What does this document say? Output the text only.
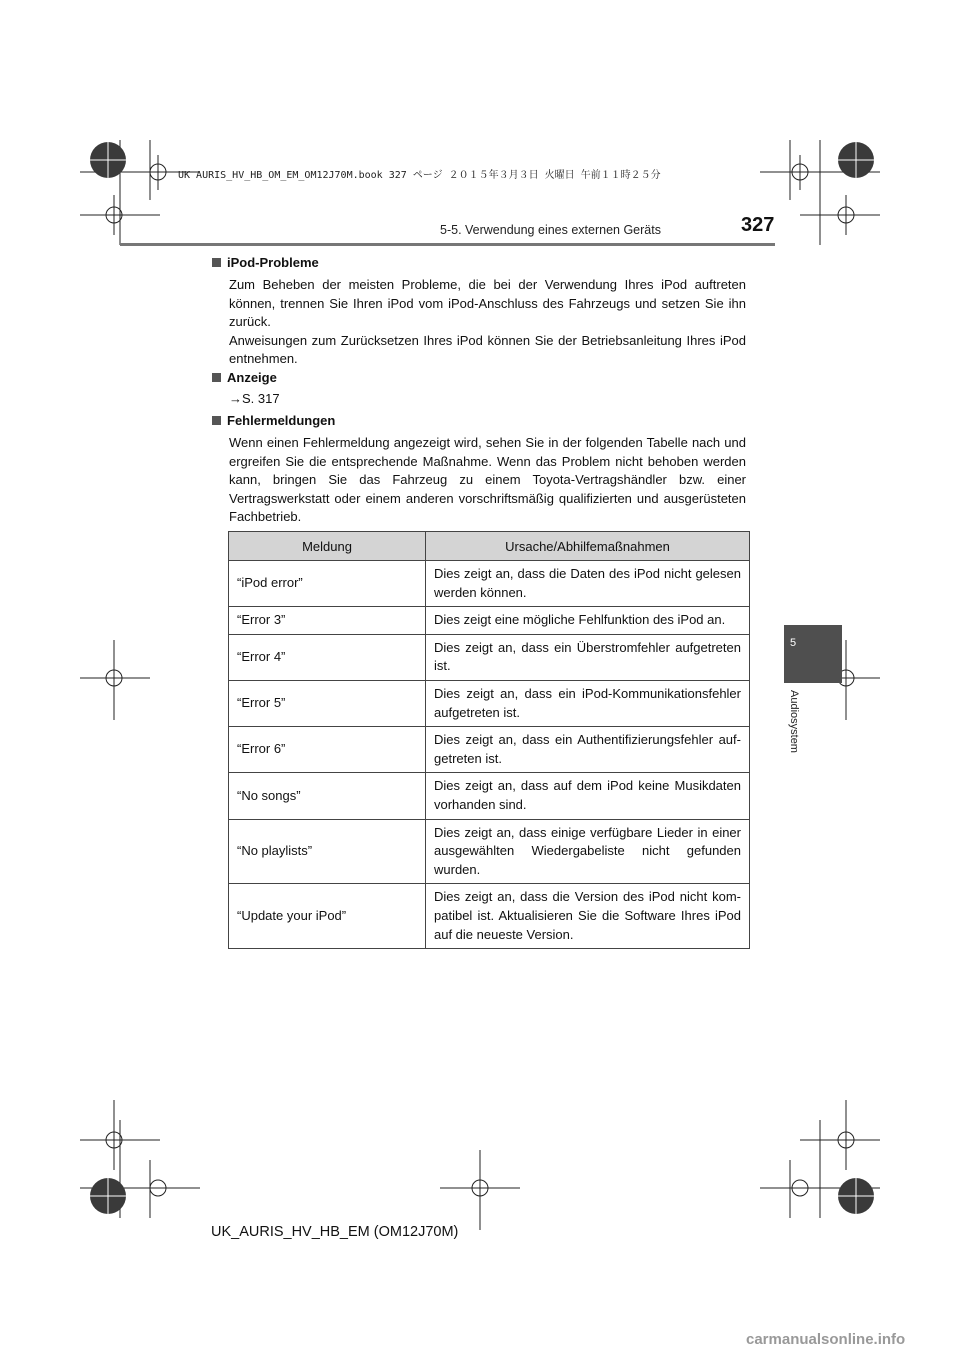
UK AURIS_HV_HB_OM_EM_OM12J70M.book 327 ページ ２０１５年３月３日 火曜日 午前１１時２５分
5-5. Verwendung eines externen Geräts	327
5
Audiosystem
iPod-Probleme

Zum Beheben der meisten Probleme, die bei der Verwendung Ihres iPod auftreten können, trennen Sie Ihren iPod vom iPod-Anschluss des Fahrzeugs und setzen Sie ihn zurück.

Anweisungen zum Zurücksetzen Ihres iPod können Sie der Betriebsanleitung Ihres iPod entnehmen.

Anzeige

→S. 317

Fehlermeldungen

Wenn einen Fehlermeldung angezeigt wird, sehen Sie in der folgenden Tabelle nach und ergreifen Sie die entsprechende Maßnahme. Wenn das Problem nicht behoben werden kann, bringen Sie das Fahrzeug zu einem Toyota-Vertragshändler bzw. einer Vertragswerkstatt oder einem anderen vorschriftsmäßig qualifizierten und ausgerüsteten Fachbetrieb.

Meldung	Ursache/Abhilfemaßnahmen
“iPod error”	Dies zeigt an, dass die Daten des iPod nicht gelesen werden können.
“Error 3”	Dies zeigt eine mögliche Fehlfunktion des iPod an.
“Error 4”	Dies zeigt an, dass ein Überstromfehler aufgetreten ist.
“Error 5”	Dies zeigt an, dass ein iPod-Kommunikationsfehler aufgetreten ist.
“Error 6”	Dies zeigt an, dass ein Authentifizierungsfehler aufgetreten ist.
“No songs”	Dies zeigt an, dass auf dem iPod keine Musikdaten vorhanden sind.
“No playlists”	Dies zeigt an, dass einige verfügbare Lieder in einer ausgewählten Wiedergabeliste nicht gefunden wurden.
“Update your iPod”	Dies zeigt an, dass die Version des iPod nicht kompatibel ist. Aktualisieren Sie die Software Ihres iPod auf die neueste Version.
UK_AURIS_HV_HB_EM (OM12J70M)
carmanualsonline.info
